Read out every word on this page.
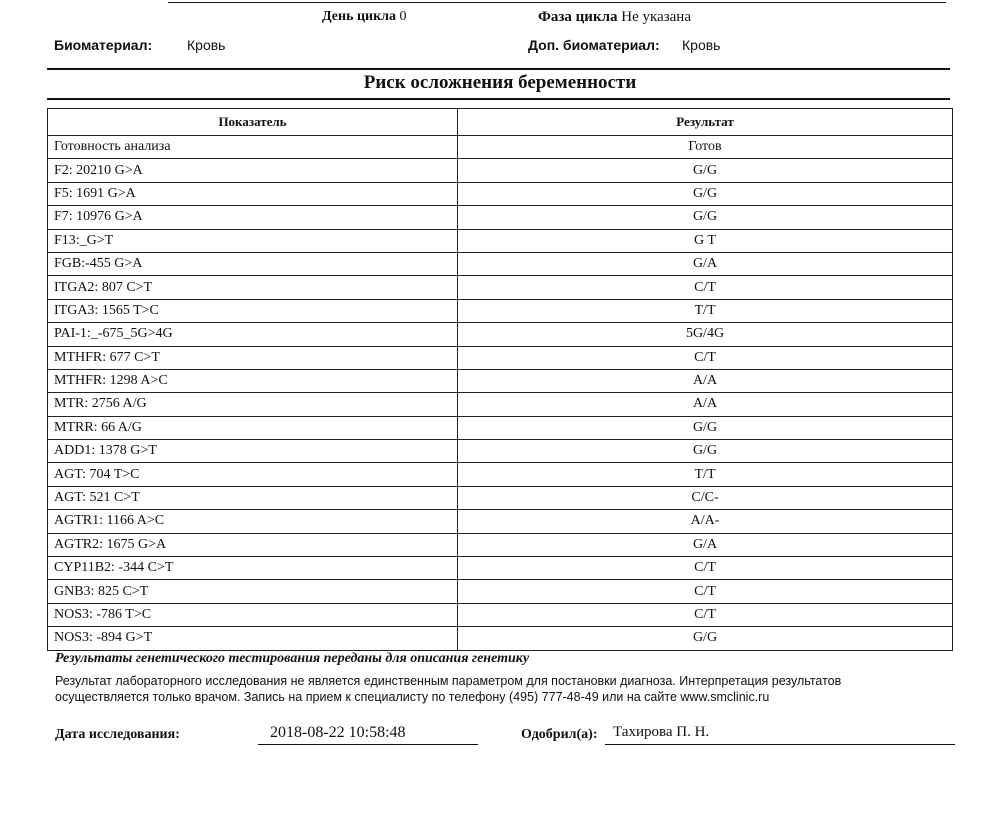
День цикла 0	Фаза цикла Не указана
Биоматериал: Кровь	Доп. биоматериал: Кровь
Риск осложнения беременности
Показатель	Результат
Готовность анализа	Готов
F2: 20210 G>A	G/G
F5: 1691 G>A	G/G
F7: 10976 G>A	G/G
F13:_G>T	G T
FGB:-455 G>A	G/A
ITGA2: 807 C>T	C/T
ITGA3: 1565 T>C	T/T
PAI-1:_-675_5G>4G	5G/4G
MTHFR: 677 C>T	C/T
MTHFR: 1298 A>C	A/A
MTR: 2756 A/G	A/A
MTRR: 66 A/G	G/G
ADD1: 1378 G>T	G/G
AGT: 704 T>C	T/T
AGT: 521 C>T	C/C-
AGTR1: 1166 A>C	A/A-
AGTR2: 1675 G>A	G/A
CYP11B2: -344 C>T	C/T
GNB3: 825 C>T	C/T
NOS3: -786 T>C	C/T
NOS3: -894 G>T	G/G
Результаты генетического тестирования переданы для описания генетику
Результат лабораторного исследования не является единственным параметром для постановки диагноза. Интерпретация результатов
осуществляется только врачом. Запись на прием к специалисту по телефону (495) 777-48-49 или на сайте www.smclinic.ru
Дата исследования:	2018-08-22 10:58:48	Одобрил(а): Тахирова П. Н.
